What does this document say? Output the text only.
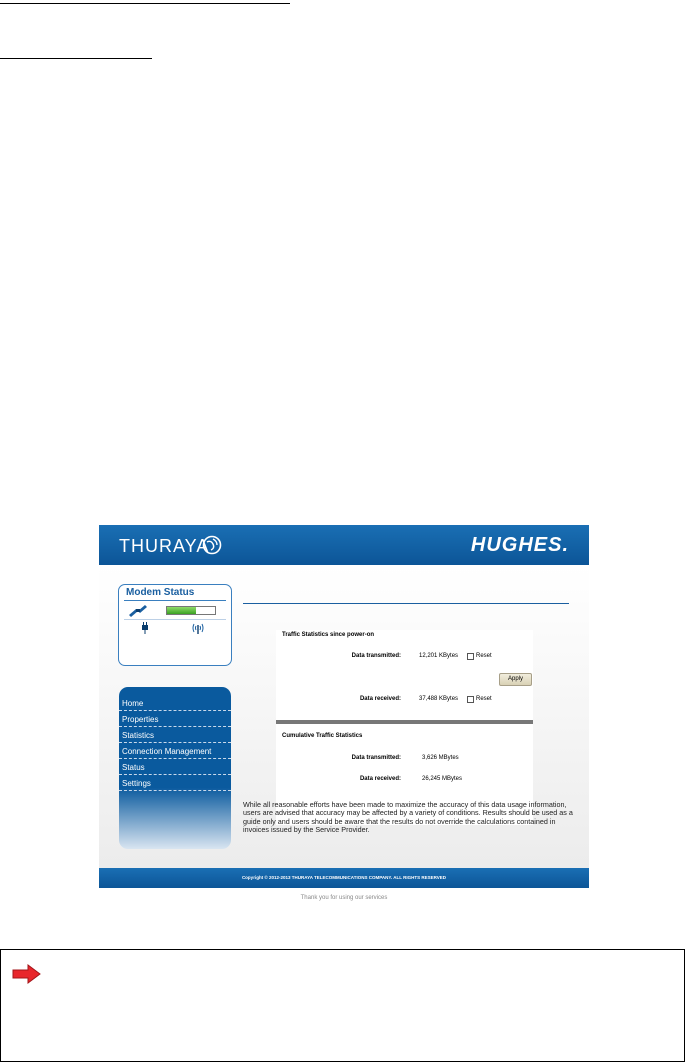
THURAYA	HUGHES.
Modem Status
Home
Properties
Statistics
Connection Management
Status
Settings
Traffic Statistics since power-on
Data transmitted:	12,201 KBytes	Reset
Apply
Data received:	37,488 KBytes	Reset
Cumulative Traffic Statistics
Data transmitted:	3,626 MBytes
Data received:	26,245 MBytes
While all reasonable efforts have been made to maximize the accuracy of this data usage information, users are advised that accuracy may be affected by a variety of conditions. Results should be used as a guide only and users should be aware that the results do not override the calculations contained in invoices issued by the Service Provider.
Copyright © 2012-2013 THURAYA TELECOMMUNICATIONS COMPANY. ALL RIGHTS RESERVED
Thank you for using our services
